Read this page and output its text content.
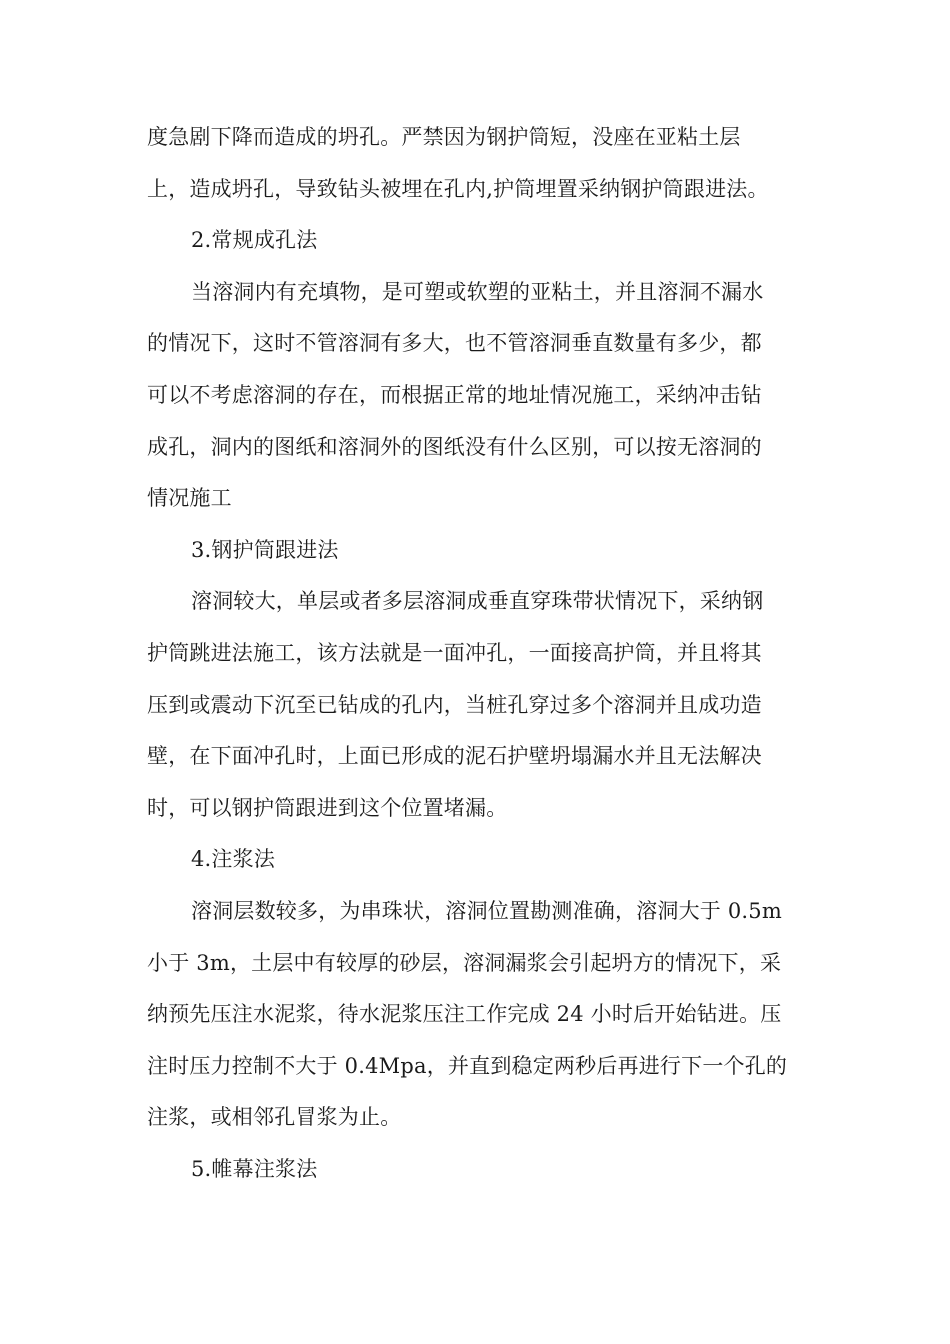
度急剧下降而造成的坍孔。严禁因为钢护筒短，没座在亚粘土层
上，造成坍孔，导致钻头被埋在孔内,护筒埋置采纳钢护筒跟进法。
2.常规成孔法
当溶洞内有充填物，是可塑或软塑的亚粘土，并且溶洞不漏水
的情况下，这时不管溶洞有多大，也不管溶洞垂直数量有多少，都
可以不考虑溶洞的存在，而根据正常的地址情况施工，采纳冲击钻
成孔，洞内的图纸和溶洞外的图纸没有什么区别，可以按无溶洞的
情况施工
3.钢护筒跟进法
溶洞较大，单层或者多层溶洞成垂直穿珠带状情况下，采纳钢
护筒跳进法施工，该方法就是一面冲孔，一面接高护筒，并且将其
压到或震动下沉至已钻成的孔内，当桩孔穿过多个溶洞并且成功造
壁，在下面冲孔时，上面已形成的泥石护壁坍塌漏水并且无法解决
时，可以钢护筒跟进到这个位置堵漏。
4.注浆法
溶洞层数较多，为串珠状，溶洞位置勘测准确，溶洞大于 0.5m
小于 3m，土层中有较厚的砂层，溶洞漏浆会引起坍方的情况下，采
纳预先压注水泥浆，待水泥浆压注工作完成 24 小时后开始钻进。压
注时压力控制不大于 0.4Mpa，并直到稳定两秒后再进行下一个孔的
注浆，或相邻孔冒浆为止。
5.帷幕注浆法
